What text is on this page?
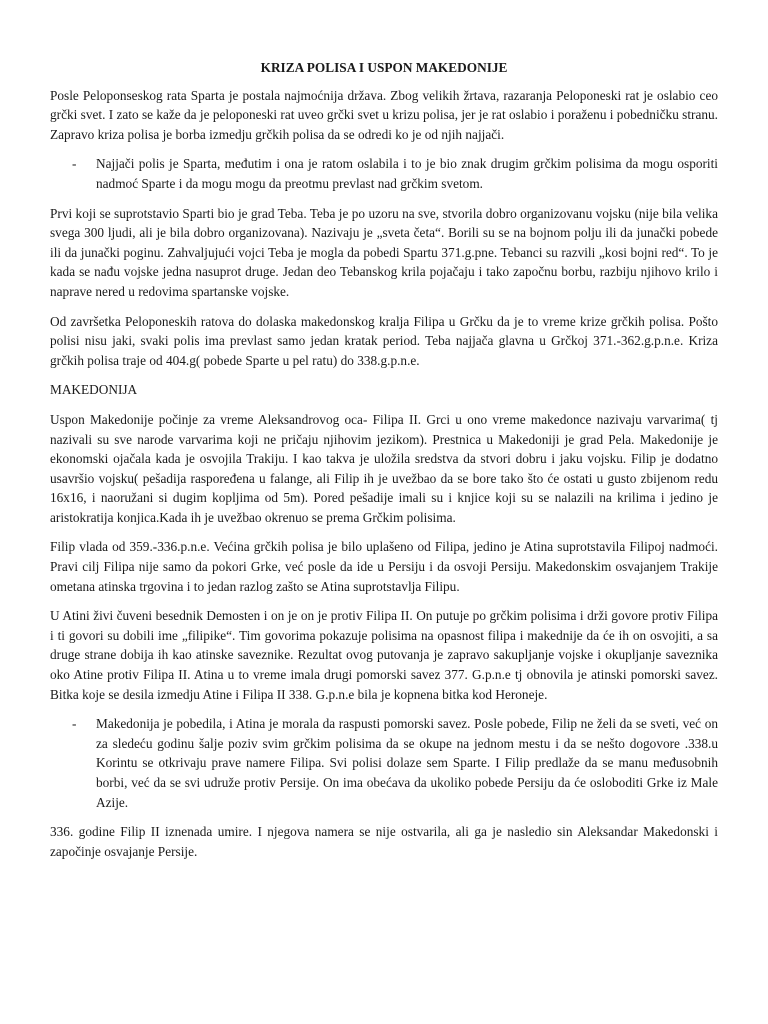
KRIZA POLISA I USPON MAKEDONIJE
Posle Peloponseskog rata Sparta je postala najmoćnija država. Zbog velikih žrtava, razaranja Peloponeski rat je oslabio ceo grčki svet. I zato se kaže da je peloponeski rat uveo grčki svet u krizu polisa, jer je rat oslabio i poraženu i pobedničku stranu. Zapravo kriza polisa je borba izmedju grčkih polisa da se odredi ko je od njih najjači.
-	Najjači polis je Sparta, međutim i ona je ratom oslabila i to je bio znak drugim grčkim polisima da mogu osporiti nadmoć Sparte i da mogu mogu da preotmu prevlast nad grčkim svetom.
Prvi koji se suprotstavio Sparti bio je grad Teba. Teba je po uzoru na sve, stvorila dobro organizovanu vojsku (nije bila velika svega 300 ljudi, ali je bila dobro organizovana). Nazivaju je „sveta četa“. Borili su se na bojnom polju ili da junački pobede ili da junački poginu. Zahvaljujući vojci Teba je mogla da pobedi Spartu 371.g.pne. Tebanci su razvili „kosi bojni red“. To je kada se nađu vojske jedna nasuprot druge. Jedan deo Tebanskog krila pojačaju i tako započnu borbu, razbiju njihovo krilo i naprave nered u redovima spartanske vojske.
Od završetka Peloponeskih ratova do dolaska makedonskog kralja Filipa u Grčku da je to vreme krize grčkih polisa. Pošto polisi nisu jaki, svaki polis ima prevlast samo jedan kratak period. Teba najjača glavna u Grčkoj 371.-362.g.p.n.e. Kriza grčkih polisa traje od 404.g( pobede Sparte u pel ratu) do 338.g.p.n.e.
MAKEDONIJA
Uspon Makedonije počinje za vreme Aleksandrovog oca- Filipa II. Grci u ono vreme makedonce nazivaju varvarima( tj nazivali su sve narode varvarima koji ne pričaju njihovim jezikom). Prestnica u Makedoniji je grad Pela. Makedonije je ekonomski ojačala kada je osvojila Trakiju. I kao takva je uložila sredstva da stvori dobru i jaku vojsku. Filip je dodatno usavršio vojsku( pešadija raspoređena u falange, ali Filip ih je uvežbao da se bore tako što će ostati u gusto zbijenom redu 16x16, i naoružani si dugim kopljima od 5m). Pored pešadije imali su i knjice koji su se nalazili na krilima i jedino je aristokratija konjica.Kada ih je uvežbao okrenuo se prema Grčkim polisima.
Filip vlada od 359.-336.p.n.e. Većina grčkih polisa je bilo uplašeno od Filipa, jedino je Atina suprotstavila Filipoj nadmoći. Pravi cilj Filipa nije samo da pokori Grke, već posle da ide u Persiju i da osvoji Persiju. Makedonskim osvajanjem Trakije ometana atinska trgovina i to jedan razlog zašto se Atina suprotstavlja Filipu.
U Atini živi čuveni besednik Demosten i on je on je protiv Filipa II. On putuje po grčkim polisima i drži govore protiv Filipa i ti govori su dobili ime „filipike“. Tim govorima pokazuje polisima na opasnost filipa i makednije da će ih on osvojiti, a sa druge strane dobija ih kao atinske saveznike. Rezultat ovog putovanja je zapravo sakupljanje vojske i okupljanje saveznika oko Atine protiv Filipa II. Atina u to vreme imala drugi pomorski savez 377. G.p.n.e tj obnovila je atinski pomorski savez. Bitka koje se desila izmedju Atine i Filipa II 338. G.p.n.e bila je kopnena bitka kod Heroneje.
-	Makedonija je pobedila, i Atina je morala da raspusti pomorski savez. Posle pobede, Filip ne želi da se sveti, već on za sledeću godinu šalje poziv svim grčkim polisima da se okupe na jednom mestu i da se nešto dogovore .338.u Korintu se otkrivaju prave namere Filipa. Svi polisi dolaze sem Sparte. I Filip predlaže da se manu međusobnih borbi, već da se svi udruže protiv Persije. On ima obećava da ukoliko pobede Persiju da će osloboditi Grke iz Male Azije.
336. godine Filip II iznenada umire. I njegova namera se nije ostvarila, ali ga je nasledio sin Aleksandar Makedonski i započinje osvajanje Persije.
